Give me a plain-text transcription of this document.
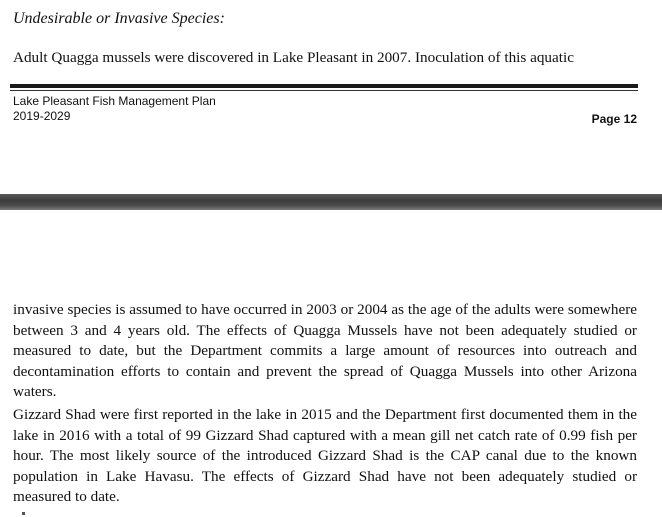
Undesirable or Invasive Species:
Adult Quagga mussels were discovered in Lake Pleasant in 2007. Inoculation of this aquatic
Lake Pleasant Fish Management Plan
2019-2029	Page 12
invasive species is assumed to have occurred in 2003 or 2004 as the age of the adults were somewhere between 3 and 4 years old. The effects of Quagga Mussels have not been adequately studied or measured to date, but the Department commits a large amount of resources into outreach and decontamination efforts to contain and prevent the spread of Quagga Mussels into other Arizona waters.
Gizzard Shad were first reported in the lake in 2015 and the Department first documented them in the lake in 2016 with a total of 99 Gizzard Shad captured with a mean gill net catch rate of 0.99 fish per hour. The most likely source of the introduced Gizzard Shad is the CAP canal due to the known population in Lake Havasu. The effects of Gizzard Shad have not been adequately studied or measured to date.
